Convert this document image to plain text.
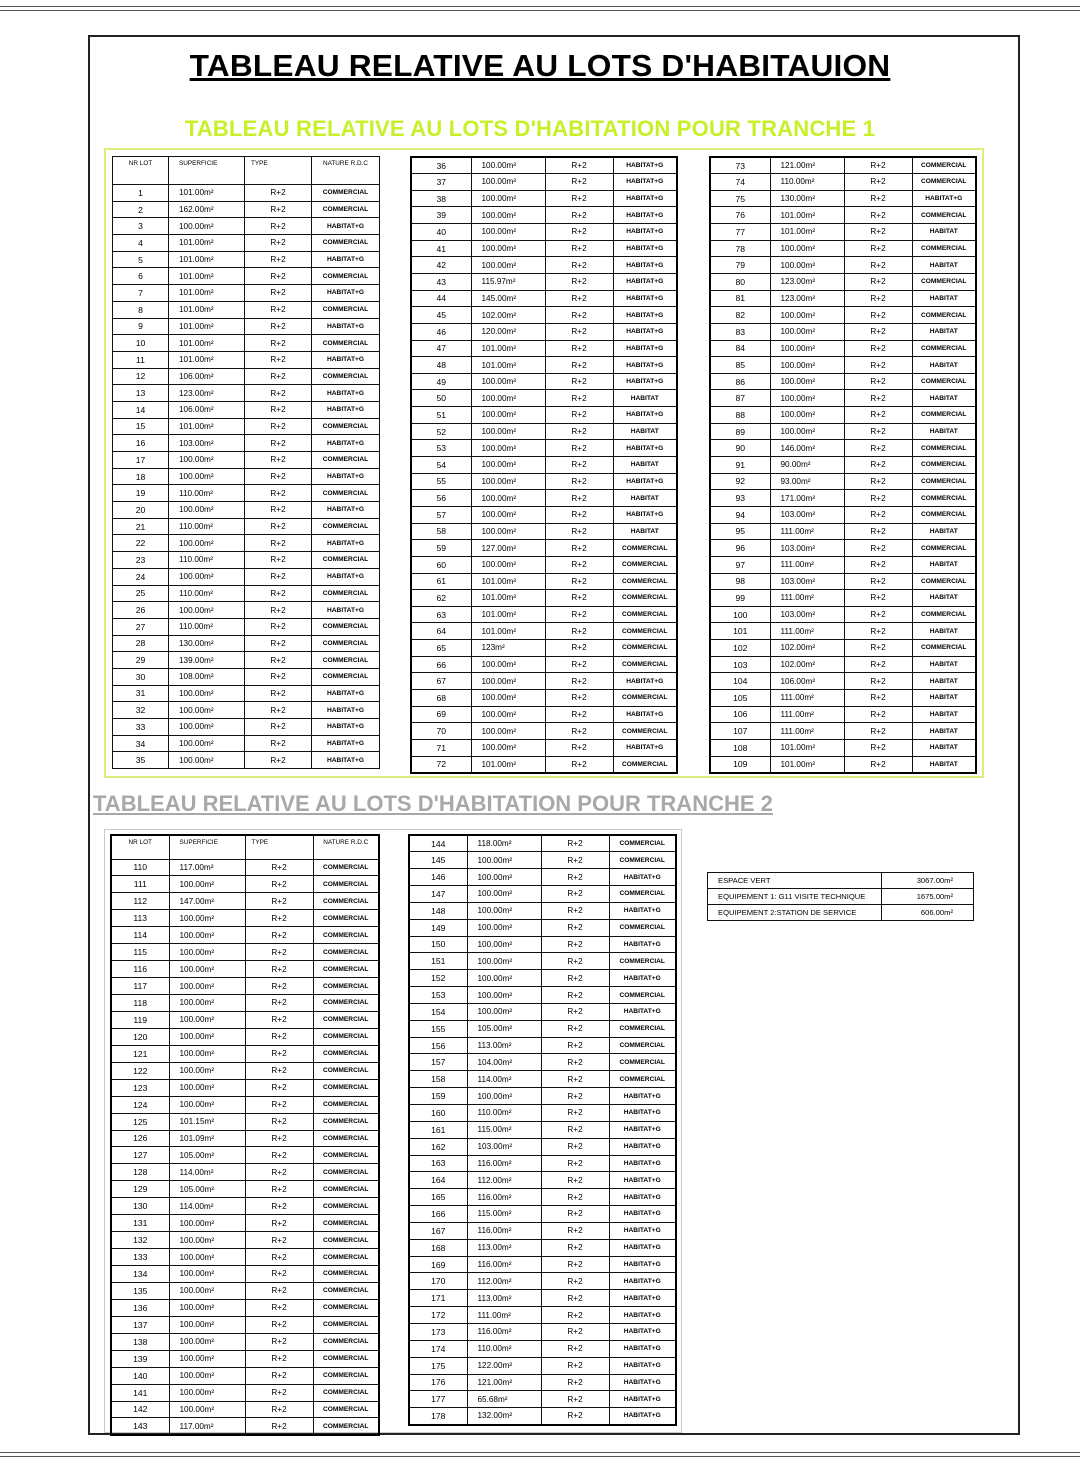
TABLEAU RELATIVE AU LOTS D'HABITAUION
TABLEAU RELATIVE AU LOTS D'HABITATION POUR TRANCHE 1
TABLEAU RELATIVE AU LOTS D'HABITATION POUR TRANCHE 2
NR LOT	SUPERFICIE	TYPE	NATURE R.D.C
1	101.00m²	R+2	COMMERCIAL
2	162.00m²	R+2	COMMERCIAL
3	100.00m²	R+2	HABITAT+G
4	101.00m²	R+2	COMMERCIAL
5	101.00m²	R+2	HABITAT+G
6	101.00m²	R+2	COMMERCIAL
7	101.00m²	R+2	HABITAT+G
8	101.00m²	R+2	COMMERCIAL
9	101.00m²	R+2	HABITAT+G
10	101.00m²	R+2	COMMERCIAL
11	101.00m²	R+2	HABITAT+G
12	106.00m²	R+2	COMMERCIAL
13	123.00m²	R+2	HABITAT+G
14	106.00m²	R+2	HABITAT+G
15	101.00m²	R+2	COMMERCIAL
16	103.00m²	R+2	HABITAT+G
17	100.00m²	R+2	COMMERCIAL
18	100.00m²	R+2	HABITAT+G
19	110.00m²	R+2	COMMERCIAL
20	100.00m²	R+2	HABITAT+G
21	110.00m²	R+2	COMMERCIAL
22	100.00m²	R+2	HABITAT+G
23	110.00m²	R+2	COMMERCIAL
24	100.00m²	R+2	HABITAT+G
25	110.00m²	R+2	COMMERCIAL
26	100.00m²	R+2	HABITAT+G
27	110.00m²	R+2	COMMERCIAL
28	130.00m²	R+2	COMMERCIAL
29	139.00m²	R+2	COMMERCIAL
30	108.00m²	R+2	COMMERCIAL
31	100.00m²	R+2	HABITAT+G
32	100.00m²	R+2	HABITAT+G
33	100.00m²	R+2	HABITAT+G
34	100.00m²	R+2	HABITAT+G
35	100.00m²	R+2	HABITAT+G
36	100.00m²	R+2	HABITAT+G
37	100.00m²	R+2	HABITAT+G
38	100.00m²	R+2	HABITAT+G
39	100.00m²	R+2	HABITAT+G
40	100.00m²	R+2	HABITAT+G
41	100.00m²	R+2	HABITAT+G
42	100.00m²	R+2	HABITAT+G
43	115.97m²	R+2	HABITAT+G
44	145.00m²	R+2	HABITAT+G
45	102.00m²	R+2	HABITAT+G
46	120.00m²	R+2	HABITAT+G
47	101.00m²	R+2	HABITAT+G
48	101.00m²	R+2	HABITAT+G
49	100.00m²	R+2	HABITAT+G
50	100.00m²	R+2	HABITAT
51	100.00m²	R+2	HABITAT+G
52	100.00m²	R+2	HABITAT
53	100.00m²	R+2	HABITAT+G
54	100.00m²	R+2	HABITAT
55	100.00m²	R+2	HABITAT+G
56	100.00m²	R+2	HABITAT
57	100.00m²	R+2	HABITAT+G
58	100.00m²	R+2	HABITAT
59	127.00m²	R+2	COMMERCIAL
60	100.00m²	R+2	COMMERCIAL
61	101.00m²	R+2	COMMERCIAL
62	101.00m²	R+2	COMMERCIAL
63	101.00m²	R+2	COMMERCIAL
64	101.00m²	R+2	COMMERCIAL
65	123m²	R+2	COMMERCIAL
66	100.00m²	R+2	COMMERCIAL
67	100.00m²	R+2	HABITAT+G
68	100.00m²	R+2	COMMERCIAL
69	100.00m²	R+2	HABITAT+G
70	100.00m²	R+2	COMMERCIAL
71	100.00m²	R+2	HABITAT+G
72	101.00m²	R+2	COMMERCIAL
73	121.00m²	R+2	COMMERCIAL
74	110.00m²	R+2	COMMERCIAL
75	130.00m²	R+2	HABITAT+G
76	101.00m²	R+2	COMMERCIAL
77	101.00m²	R+2	HABITAT
78	100.00m²	R+2	COMMERCIAL
79	100.00m²	R+2	HABITAT
80	123.00m²	R+2	COMMERCIAL
81	123.00m²	R+2	HABITAT
82	100.00m²	R+2	COMMERCIAL
83	100.00m²	R+2	HABITAT
84	100.00m²	R+2	COMMERCIAL
85	100.00m²	R+2	HABITAT
86	100.00m²	R+2	COMMERCIAL
87	100.00m²	R+2	HABITAT
88	100.00m²	R+2	COMMERCIAL
89	100.00m²	R+2	HABITAT
90	146.00m²	R+2	COMMERCIAL
91	90.00m²	R+2	COMMERCIAL
92	93.00m²	R+2	COMMERCIAL
93	171.00m²	R+2	COMMERCIAL
94	103.00m²	R+2	COMMERCIAL
95	111.00m²	R+2	HABITAT
96	103.00m²	R+2	COMMERCIAL
97	111.00m²	R+2	HABITAT
98	103.00m²	R+2	COMMERCIAL
99	111.00m²	R+2	HABITAT
100	103.00m²	R+2	COMMERCIAL
101	111.00m²	R+2	HABITAT
102	102.00m²	R+2	COMMERCIAL
103	102.00m²	R+2	HABITAT
104	106.00m²	R+2	HABITAT
105	111.00m²	R+2	HABITAT
106	111.00m²	R+2	HABITAT
107	111.00m²	R+2	HABITAT
108	101.00m²	R+2	HABITAT
109	101.00m²	R+2	HABITAT
NR LOT	SUPERFICIE	TYPE	NATURE R.D.C
110	117.00m²	R+2	COMMERCIAL
111	100.00m²	R+2	COMMERCIAL
112	147.00m²	R+2	COMMERCIAL
113	100.00m²	R+2	COMMERCIAL
114	100.00m²	R+2	COMMERCIAL
115	100.00m²	R+2	COMMERCIAL
116	100.00m²	R+2	COMMERCIAL
117	100.00m²	R+2	COMMERCIAL
118	100.00m²	R+2	COMMERCIAL
119	100.00m²	R+2	COMMERCIAL
120	100.00m²	R+2	COMMERCIAL
121	100.00m²	R+2	COMMERCIAL
122	100.00m²	R+2	COMMERCIAL
123	100.00m²	R+2	COMMERCIAL
124	100.00m²	R+2	COMMERCIAL
125	101.15m²	R+2	COMMERCIAL
126	101.09m²	R+2	COMMERCIAL
127	105.00m²	R+2	COMMERCIAL
128	114.00m²	R+2	COMMERCIAL
129	105.00m²	R+2	COMMERCIAL
130	114.00m²	R+2	COMMERCIAL
131	100.00m²	R+2	COMMERCIAL
132	100.00m²	R+2	COMMERCIAL
133	100.00m²	R+2	COMMERCIAL
134	100.00m²	R+2	COMMERCIAL
135	100.00m²	R+2	COMMERCIAL
136	100.00m²	R+2	COMMERCIAL
137	100.00m²	R+2	COMMERCIAL
138	100.00m²	R+2	COMMERCIAL
139	100.00m²	R+2	COMMERCIAL
140	100.00m²	R+2	COMMERCIAL
141	100.00m²	R+2	COMMERCIAL
142	100.00m²	R+2	COMMERCIAL
143	117.00m²	R+2	COMMERCIAL
144	118.00m²	R+2	COMMERCIAL
145	100.00m²	R+2	COMMERCIAL
146	100.00m²	R+2	HABITAT+G
147	100.00m²	R+2	COMMERCIAL
148	100.00m²	R+2	HABITAT+G
149	100.00m²	R+2	COMMERCIAL
150	100.00m²	R+2	HABITAT+G
151	100.00m²	R+2	COMMERCIAL
152	100.00m²	R+2	HABITAT+G
153	100.00m²	R+2	COMMERCIAL
154	100.00m²	R+2	HABITAT+G
155	105.00m²	R+2	COMMERCIAL
156	113.00m²	R+2	COMMERCIAL
157	104.00m²	R+2	COMMERCIAL
158	114.00m²	R+2	COMMERCIAL
159	100.00m²	R+2	HABITAT+G
160	110.00m²	R+2	HABITAT+G
161	115.00m²	R+2	HABITAT+G
162	103.00m²	R+2	HABITAT+G
163	116.00m²	R+2	HABITAT+G
164	112.00m²	R+2	HABITAT+G
165	116.00m²	R+2	HABITAT+G
166	115.00m²	R+2	HABITAT+G
167	116.00m²	R+2	HABITAT+G
168	113.00m²	R+2	HABITAT+G
169	116.00m²	R+2	HABITAT+G
170	112.00m²	R+2	HABITAT+G
171	113.00m²	R+2	HABITAT+G
172	111.00m²	R+2	HABITAT+G
173	116.00m²	R+2	HABITAT+G
174	110.00m²	R+2	HABITAT+G
175	122.00m²	R+2	HABITAT+G
176	121.00m²	R+2	HABITAT+G
177	65.68m²	R+2	HABITAT+G
178	132.00m²	R+2	HABITAT+G
ESPACE VERT	3067.00m²
EQUIPEMENT 1: G11 VISITE TECHNIQUE	1675.00m²
EQUIPEMENT 2:STATION DE SERVICE	606.00m²
